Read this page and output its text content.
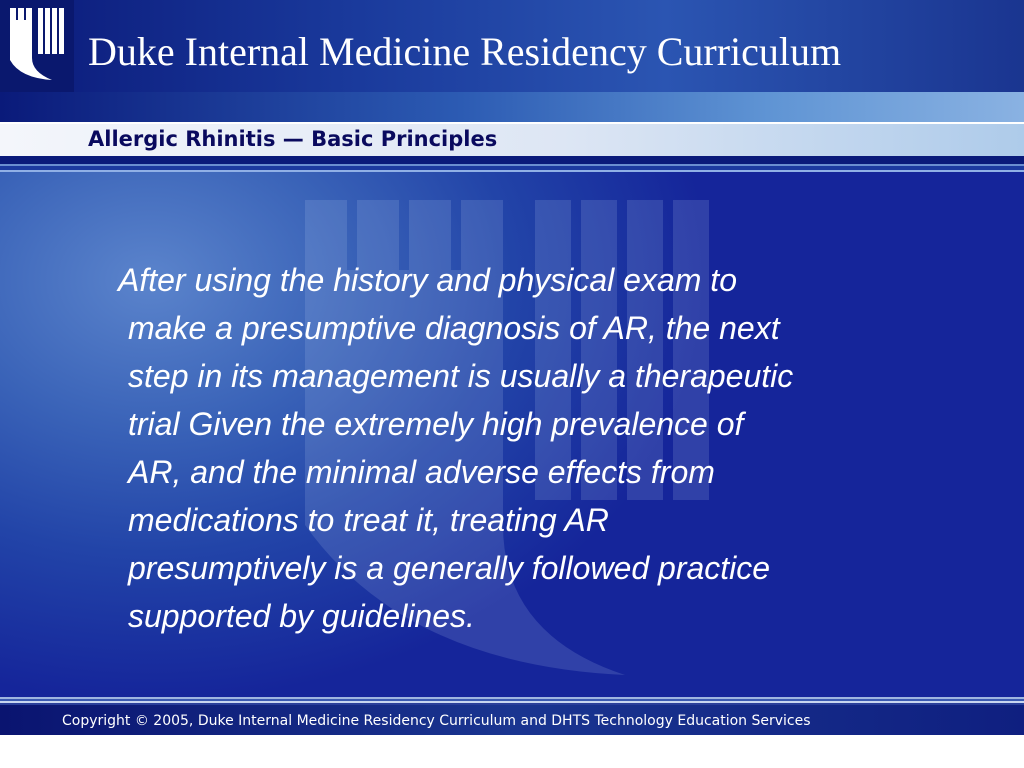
Duke Internal Medicine Residency Curriculum
Allergic Rhinitis — Basic Principles
After using the history and physical exam to
make a presumptive diagnosis of AR, the next
step in its management is usually a therapeutic
trial Given the extremely high prevalence of
AR, and the minimal adverse effects from
medications to treat it, treating AR
presumptively is a generally followed practice
supported by guidelines.
Copyright © 2005, Duke Internal Medicine Residency Curriculum and DHTS Technology Education Services
